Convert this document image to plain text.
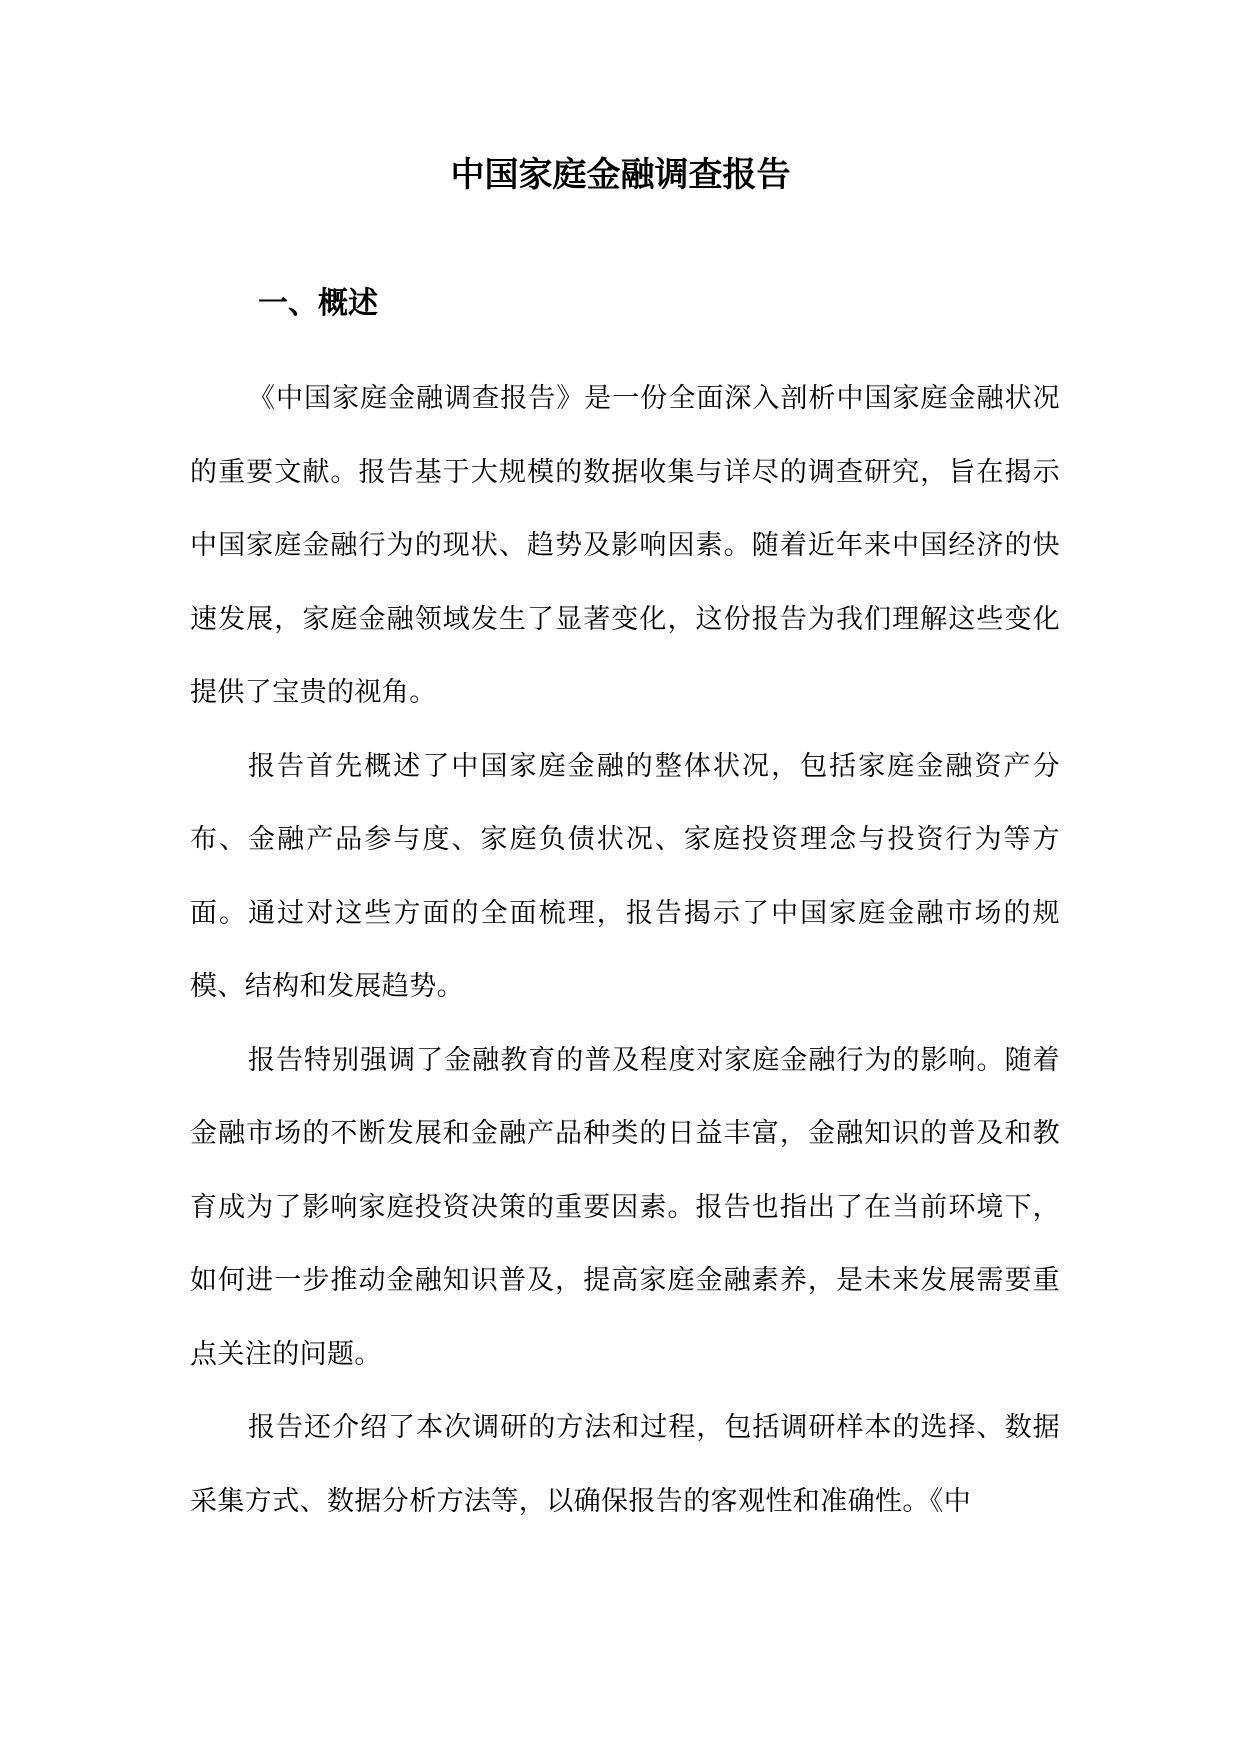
中国家庭金融调查报告
一、概述

《中国家庭金融调查报告》是一份全面深入剖析中国家庭金融状况的重要文献。报告基于大规模的数据收集与详尽的调查研究，旨在揭示中国家庭金融行为的现状、趋势及影响因素。随着近年来中国经济的快速发展，家庭金融领域发生了显著变化，这份报告为我们理解这些变化提供了宝贵的视角。

报告首先概述了中国家庭金融的整体状况，包括家庭金融资产分布、金融产品参与度、家庭负债状况、家庭投资理念与投资行为等方面。通过对这些方面的全面梳理，报告揭示了中国家庭金融市场的规模、结构和发展趋势。

报告特别强调了金融教育的普及程度对家庭金融行为的影响。随着金融市场的不断发展和金融产品种类的日益丰富，金融知识的普及和教育成为了影响家庭投资决策的重要因素。报告也指出了在当前环境下，如何进一步推动金融知识普及，提高家庭金融素养，是未来发展需要重点关注的问题。

报告还介绍了本次调研的方法和过程，包括调研样本的选择、数据采集方式、数据分析方法等，以确保报告的客观性和准确性。《中
